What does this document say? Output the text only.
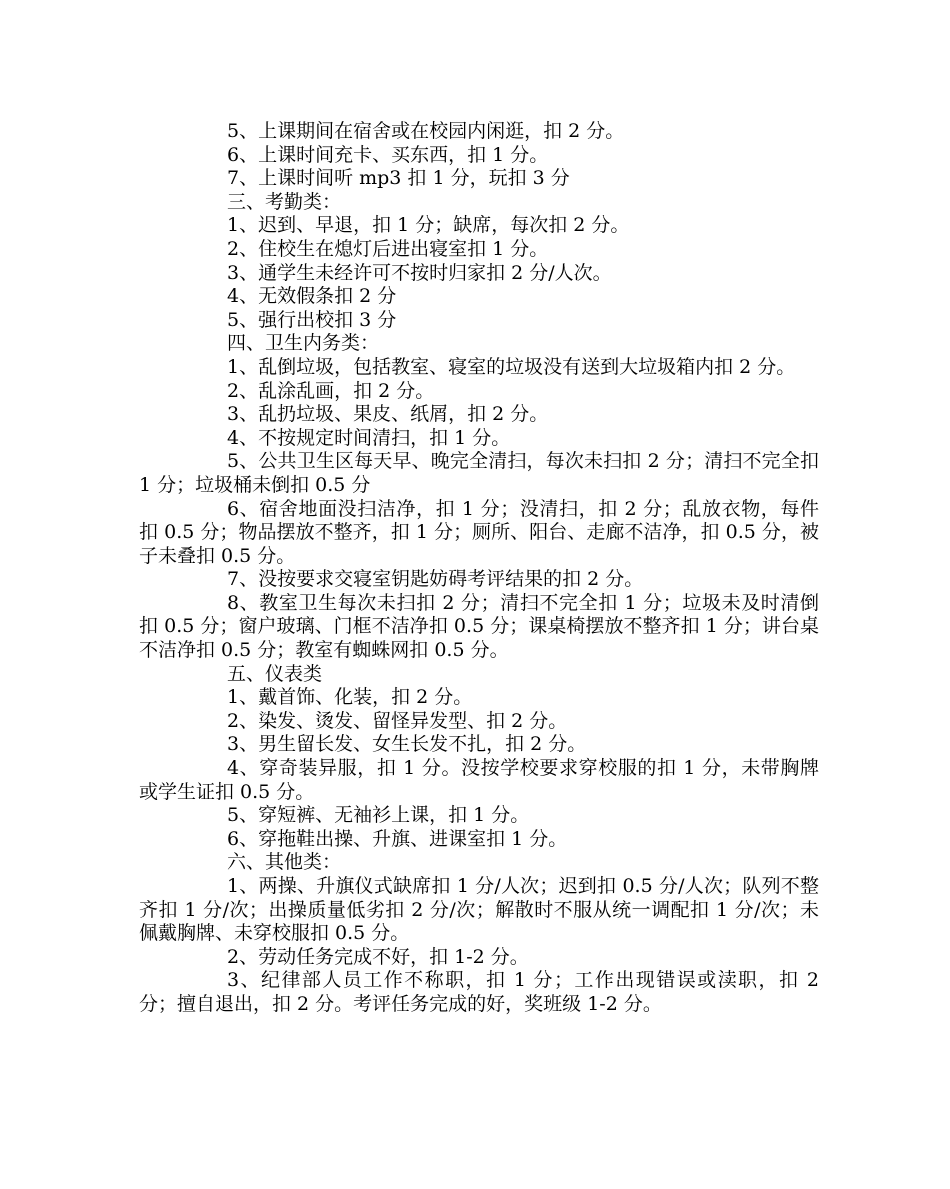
5、上课期间在宿舍或在校园内闲逛，扣 2 分。

6、上课时间充卡、买东西，扣 1 分。

7、上课时间听 mp3 扣 1 分，玩扣 3 分

三、考勤类：

1、迟到、早退，扣 1 分；缺席，每次扣 2 分。

2、住校生在熄灯后进出寝室扣 1 分。

3、通学生未经许可不按时归家扣 2 分/人次。

4、无效假条扣 2 分

5、强行出校扣 3 分

四、卫生内务类：

1、乱倒垃圾，包括教室、寝室的垃圾没有送到大垃圾箱内扣 2 分。

2、乱涂乱画，扣 2 分。

3、乱扔垃圾、果皮、纸屑，扣 2 分。

4、不按规定时间清扫，扣 1 分。

5、公共卫生区每天早、晚完全清扫，每次未扫扣 2 分；清扫不完全扣 1 分；垃圾桶未倒扣 0.5 分

6、宿舍地面没扫洁净，扣 1 分；没清扫，扣 2 分；乱放衣物，每件扣 0.5 分；物品摆放不整齐，扣 1 分；厕所、阳台、走廊不洁净，扣 0.5 分，被子未叠扣 0.5 分。

7、没按要求交寝室钥匙妨碍考评结果的扣 2 分。

8、教室卫生每次未扫扣 2 分；清扫不完全扣 1 分；垃圾未及时清倒扣 0.5 分；窗户玻璃、门框不洁净扣 0.5 分；课桌椅摆放不整齐扣 1 分；讲台桌不洁净扣 0.5 分；教室有蜘蛛网扣 0.5 分。

五、仪表类

1、戴首饰、化装，扣 2 分。

2、染发、烫发、留怪异发型、扣 2 分。

3、男生留长发、女生长发不扎，扣 2 分。

4、穿奇装异服，扣 1 分。没按学校要求穿校服的扣 1 分，未带胸牌或学生证扣 0.5 分。

5、穿短裤、无袖衫上课，扣 1 分。

6、穿拖鞋出操、升旗、进课室扣 1 分。

六、其他类：

1、两操、升旗仪式缺席扣 1 分/人次；迟到扣 0.5 分/人次；队列不整齐扣 1 分/次；出操质量低劣扣 2 分/次；解散时不服从统一调配扣 1 分/次；未佩戴胸牌、未穿校服扣 0.5 分。

2、劳动任务完成不好，扣 1-2 分。

3、纪律部人员工作不称职，扣 1 分；工作出现错误或渎职，扣 2 分；擅自退出，扣 2 分。考评任务完成的好，奖班级 1-2 分。
